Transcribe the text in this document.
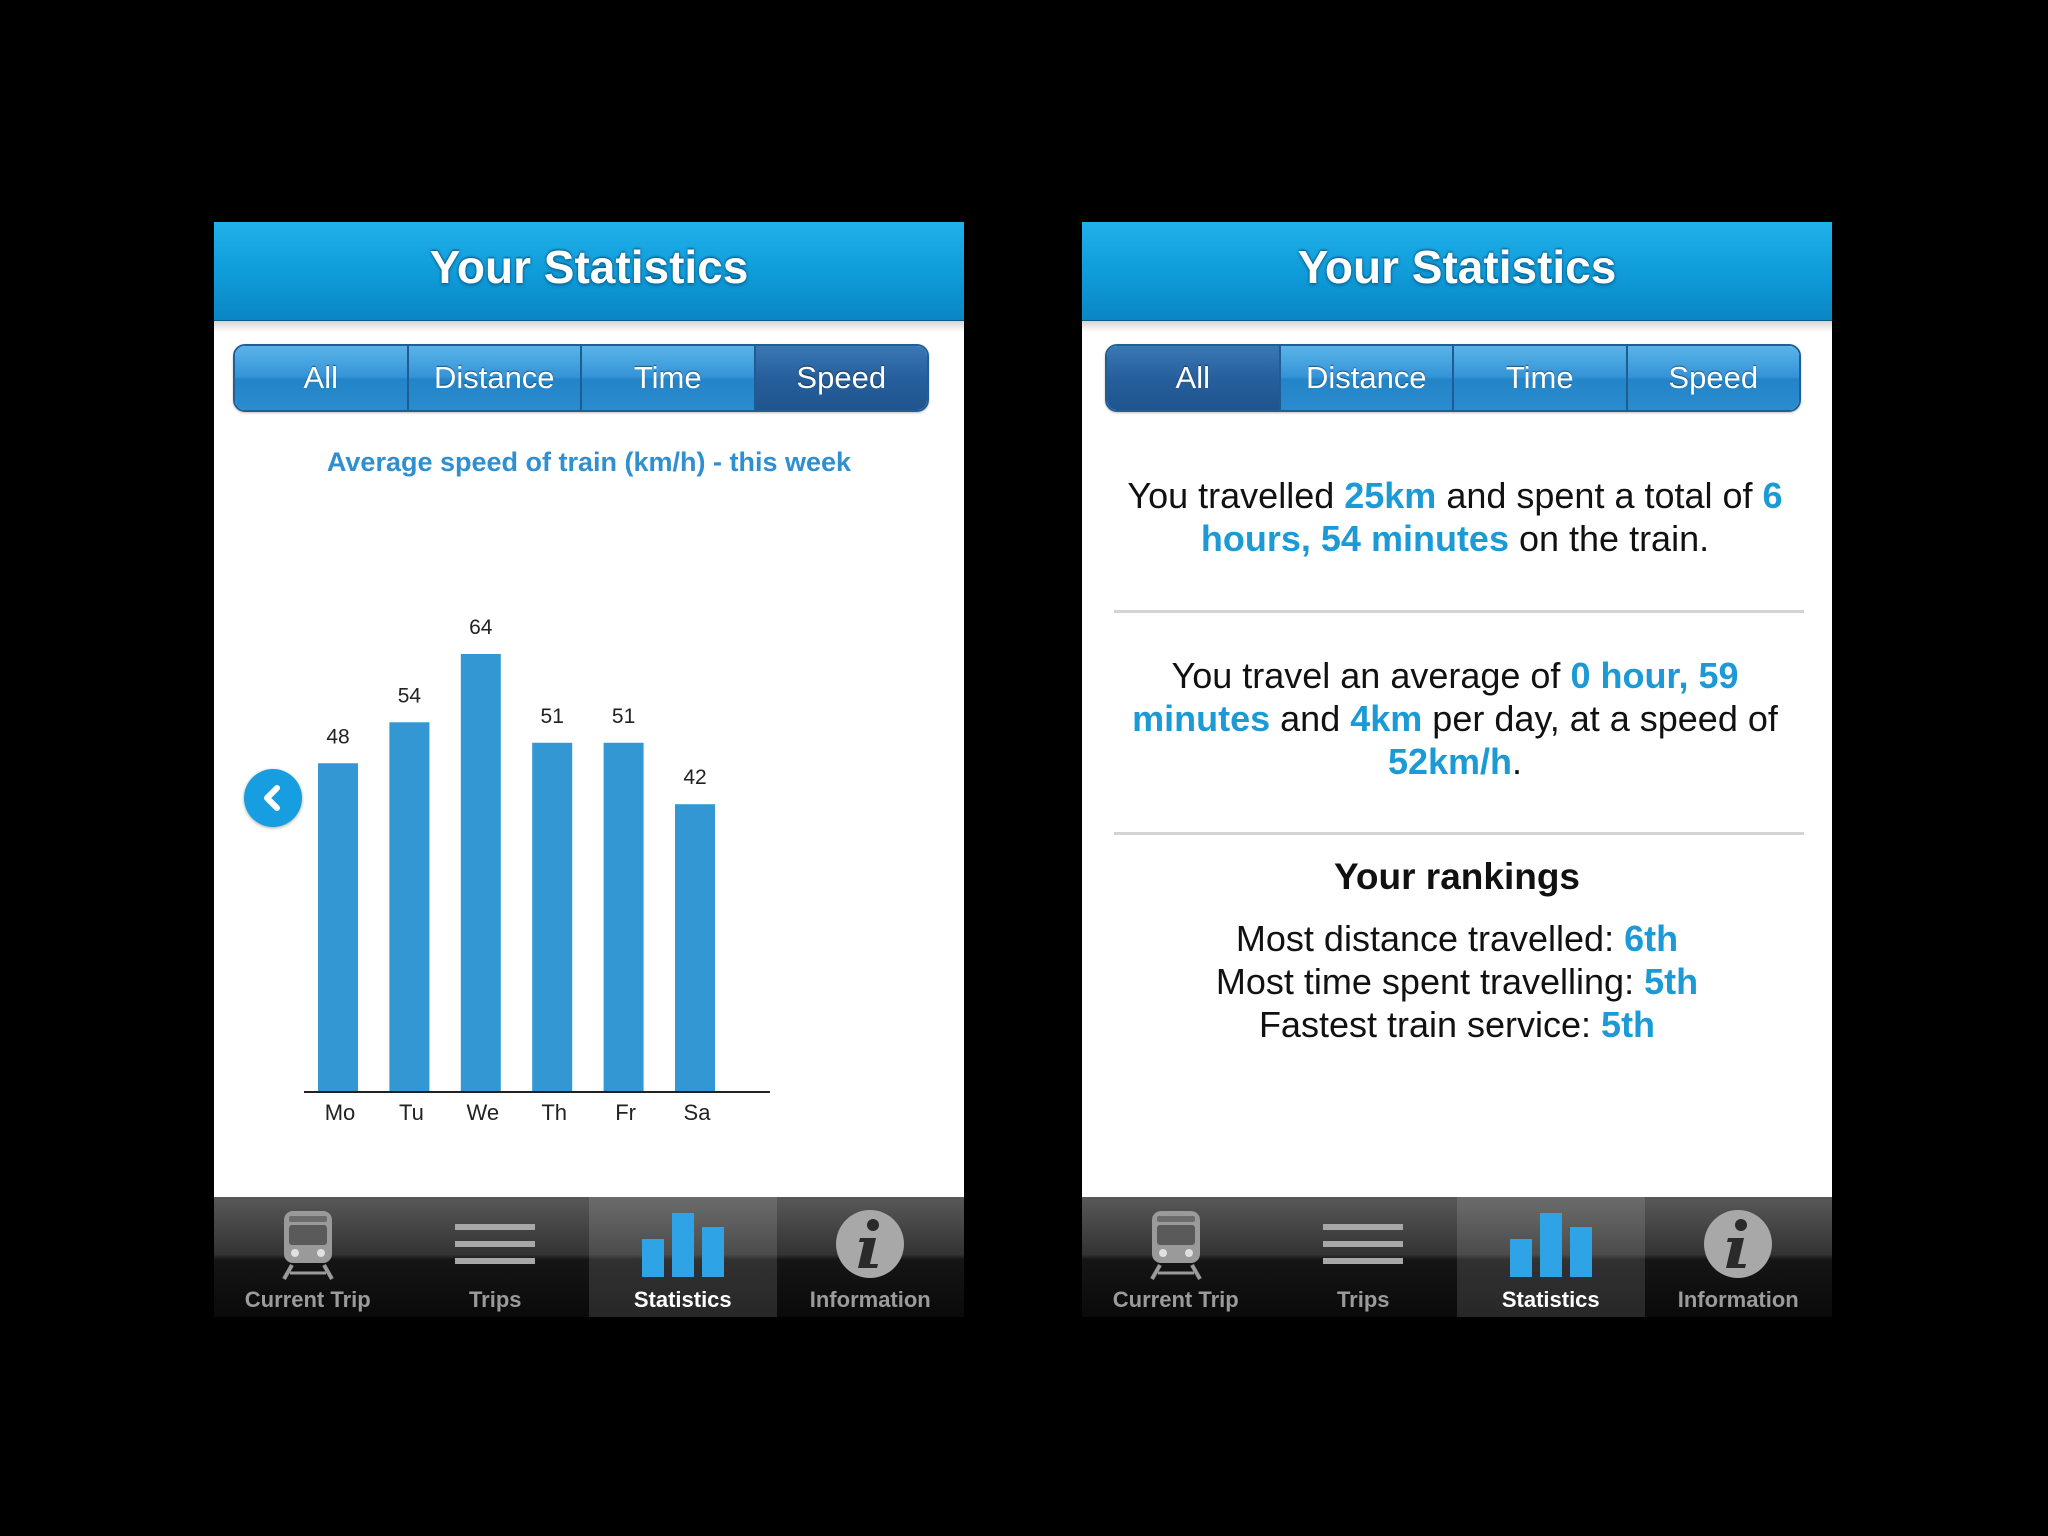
Your Statistics
All	Distance	Time	Speed
Average speed of train (km/h) - this week
48
Mo
54
Tu
64
We
51
Th
51
Fr
42
Sa
Current Trip	Trips	Statistics	Information
Your Statistics
All	Distance	Time	Speed
You travelled 25km and spent a total of 6 hours, 54 minutes on the train.
You travel an average of 0 hour, 59 minutes and 4km per day, at a speed of 52km/h.
Your rankings
Most distance travelled: 6th
Most time spent travelling: 5th
Fastest train service: 5th
Current Trip	Trips	Statistics	Information
